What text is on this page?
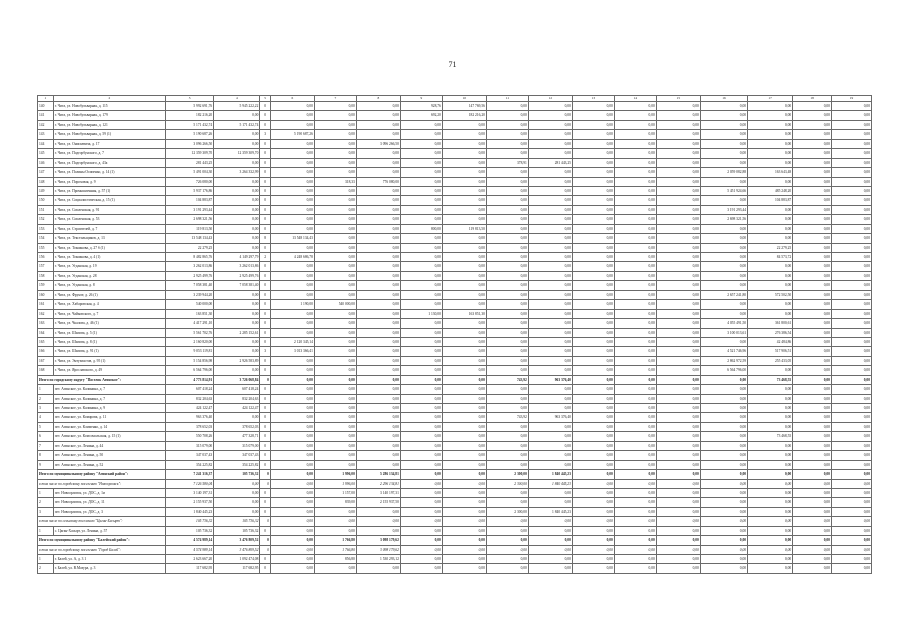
71
1	2	3	4	5	6	7	8	9	10	11	12	13	14	15	16	17	18	19
140	г. Чита, ул. Новобульварная, д. 115	5 992 691,76	5 945 222,22	0	0,00	0,00	0,00	928,76	147 769,56	0,00	0,00	0,00	0,00	0,00	0,00	0,00	0,00	0,00
141	г. Чита, ул. Новобульварная, д. 179	182 216,20	0,00	0	0,00	0,00	0,00	692,20	182 216,20	0,00	0,00	0,00	0,00	0,00	0,00	0,00	0,00	0,00
142	г. Чита, ул. Новобульварная, д. 121	5 171 432,74	5 171 432,74	0	0,00	0,00	0,00	0,00	0,00	0,00	0,00	0,00	0,00	0,00	0,00	0,00	0,00	0,00
143	г. Чита, ул. Новобульварная, д. 59 (1)	5 190 687,26	0,00	3	5 190 687,26	0,00	0,00	0,00	0,00	0,00	0,00	0,00	0,00	0,00	0,00	0,00	0,00	0,00
144	г. Чита, ул. Онискевича, д. 17	3 096 266,50	0,00	0	0,00	0,00	3 096 266,50	0,00	0,00	0,00	0,00	0,00	0,00	0,00	0,00	0,00	0,00	0,00
145	г. Чита, ул. Подгорбунского, д. 7	12 359 309,70	12 359 309,70	0	0,00	0,00	0,00	0,00	0,00	0,00	0,00	0,00	0,00	0,00	0,00	0,00	0,00	0,00
146	г. Чита, ул. Подгорбунского, д. 43а	281 443,25	0,00	0	0,00	0,00	0,00	0,00	0,00	378,91	281 443,25	0,00	0,00	0,00	0,00	0,00	0,00	0,00
147	г. Чита, ул. Полины Осипенко, д. 14 (1)	5 491 004,30	3 264 332,99	0	0,00	0,00	0,00	0,00	0,00	0,00	0,00	0,00	0,00	0,00	2 059 082,88	163 643,48	0,00	0,00
148	г. Чита, ул. Пороховая, д. 9	726 080,00	0,00	0	0,00	318,33	776 080,00	0,00	0,00	0,00	0,00	0,00	0,00	0,00	0,00	0,00	0,00	0,00
149	г. Чита, ул. Промышленная, д. 57 (1)	5 937 176,86	0,00	0	0,00	0,00	0,00	0,00	0,00	0,00	0,00	0,00	0,00	0,00	5 451 924,66	485 248,20	0,00	0,00
150	г. Чита, ул. Социалистическая, д. 15 (1)	104 883,87	0,00	0	0,00	0,00	0,00	0,00	0,00	0,00	0,00	0,00	0,00	0,00	0,00	104 883,87	0,00	0,00
151	г. Чита, ул. Смоленская, д. 91	3 191 293,44	0,00	0	0,00	0,00	0,00	0,00	0,00	0,00	0,00	0,00	0,00	0,00	3 191 293,44	0,00	0,00	0,00
152	г. Чита, ул. Смоленская, д. 53	2 698 321,56	0,00	0	0,00	0,00	0,00	0,00	0,00	0,00	0,00	0,00	0,00	0,00	2 698 321,56	0,00	0,00	0,00
153	г. Чита, ул. Строителей, д. 7	119 813,50	0,00	0	0,00	0,00	0,00	800,00	119 813,50	0,00	0,00	0,00	0,00	0,00	0,00	0,00	0,00	0,00
154	г. Чита, ул. Текстильщиков, д. 13	13 548 134,43	0,00	8	13 548 134,43	0,00	0,00	0,00	0,00	0,00	0,00	0,00	0,00	0,00	0,00	0,00	0,00	0,00
155	г. Чита, ул. Токмакова, д. 27 б (1)	22 279,25	0,00	0	0,00	0,00	0,00	0,00	0,00	0,00	0,00	0,00	0,00	0,00	0,00	22 279,25	0,00	0,00
156	г. Чита, ул. Токмакова, д. 4 (1)	8 482 865,76	4 149 297,79	2	4 248 686,78	0,00	0,00	0,00	0,00	0,00	0,00	0,00	0,00	0,00	0,00	84 573,72	0,00	0,00
157	г. Чита, ул. Угданская, д. 19	3 262 013,86	3 262 013,86	0	0,00	0,00	0,00	0,00	0,00	0,00	0,00	0,00	0,00	0,00	0,00	0,00	0,00	0,00
158	г. Чита, ул. Угданская, д. 28	2 925 499,76	2 925 499,76	0	0,00	0,00	0,00	0,00	0,00	0,00	0,00	0,00	0,00	0,00	0,00	0,00	0,00	0,00
159	г. Чита, ул. Угданская, д. 8	7 058 381,40	7 058 381,40	0	0,00	0,00	0,00	0,00	0,00	0,00	0,00	0,00	0,00	0,00	0,00	0,00	0,00	0,00
160	г. Чита, ул. Фрунзе, д. 26 (1)	3 239 944,20	0,00	0	0,00	0,00	0,00	0,00	0,00	0,00	0,00	0,00	0,00	0,00	2 657 241,80	572 502,50	0,00	0,00
161	г. Чита, ул. Хабаровская, д. 4	540 000,00	0,00	0	1 190,00	540 000,00	0,00	0,00	0,00	0,00	0,00	0,00	0,00	0,00	0,00	0,00	0,00	0,00
162	г. Чита, ул. Чайковского, д. 7	163 851,30	0,00	0	0,00	0,00	0,00	1 130,00	163 851,30	0,00	0,00	0,00	0,00	0,00	0,00	0,00	0,00	0,00
163	г. Чита, ул. Чкалова, д. 46 (1)	4 417 291,10	0,00	0	0,00	0,00	0,00	0,00	0,00	0,00	0,00	0,00	0,00	0,00	4 055 491,50	361 800,61	0,00	0,00
164	г. Чита, ул. Шилова, д. 5 (1)	5 561 702,76	2 285 152,61	0	0,00	0,00	0,00	0,00	0,00	0,00	0,00	0,00	0,00	0,00	3 100 013,61	276 386,54	0,00	0,00
165	г. Чита, ул. Шилова, д. 8 (1)	2 160 820,00	0,00	0	2 120 345,14	0,00	0,00	0,00	0,00	0,00	0,00	0,00	0,00	0,00	0,00	42 484,86	0,00	0,00
166	г. Чита, ул. Шилова, д. 91 (1)	9 053 119,81	0,00	3	3 013 366,41	0,00	0,00	0,00	0,00	0,00	0,00	0,00	0,00	0,00	4 521 746,96	517 906,51	0,00	0,00
167	г. Чита, ул. Энтузиастов, д. 95 (1)	5 154 856,98	2 926 583,89	0	0,00	0,00	0,00	0,00	0,00	0,00	0,00	0,00	0,00	0,00	2 862 972,59	255 433,05	0,00	0,00
168	г. Чита, ул. Ярославского, д. 49	6 564 796,00	0,00	0	0,00	0,00	0,00	0,00	0,00	0,00	0,00	0,00	0,00	0,00	6 564 796,00	0,00	0,00	0,00
Итого по городскому округу "Поселок Агинское":		4 773 814,91	3 726 068,84	0	0,00	0,00	0,00	0,00	0,00	743,92	963 376,40	0,00	0,00	0,00	0,00	73 468,55	0,00	0,00
1	пгт. Агинское, ул. Калинина, д. 7	607 418,24	607 418,24	0	0,00	0,00	0,00	0,00	0,00	0,00	0,00	0,00	0,00	0,00	0,00	0,00	0,00	0,00
2	пгт. Агинское, ул. Калинина, д. 7	832 204,63	832 204,63	0	0,00	0,00	0,00	0,00	0,00	0,00	0,00	0,00	0,00	0,00	0,00	0,00	0,00	0,00
3	пгт. Агинское, ул. Калинина, д. 9	424 122,47	424 122,47	0	0,00	0,00	0,00	0,00	0,00	0,00	0,00	0,00	0,00	0,00	0,00	0,00	0,00	0,00
4	пгт. Агинское, ул. Комарова, д. 11	963 376,40	0,00	0	0,00	0,00	0,00	0,00	0,00	743,92	963 376,40	0,00	0,00	0,00	0,00	0,00	0,00	0,00
5	пгт. Агинское, ул. Клименко, д. 14	378 652,03	378 652,03	0	0,00	0,00	0,00	0,00	0,00	0,00	0,00	0,00	0,00	0,00	0,00	0,00	0,00	0,00
6	пгт. Агинское, ул. Комсомольская, д. 15 (1)	550 708,26	477 328,71	0	0,00	0,00	0,00	0,00	0,00	0,00	0,00	0,00	0,00	0,00	0,00	73 468,55	0,00	0,00
7	пгт. Агинское, ул. Ленина, д. 44	315 079,00	315 079,00	0	0,00	0,00	0,00	0,00	0,00	0,00	0,00	0,00	0,00	0,00	0,00	0,00	0,00	0,00
8	пгт. Агинское, ул. Ленина, д. 50	347 037,43	347 037,43	0	0,00	0,00	0,00	0,00	0,00	0,00	0,00	0,00	0,00	0,00	0,00	0,00	0,00	0,00
9	пгт. Агинское, ул. Ленина, д. 52	354 225,82	354 225,82	0	0,00	0,00	0,00	0,00	0,00	0,00	0,00	0,00	0,00	0,00	0,00	0,00	0,00	0,00
Итого по муниципальному району "Агинский район":		7 241 316,37	105 736,32	0	0,00	1 996,00	5 286 134,81	0,00	0,00	2 300,00	1 840 445,23	0,00	0,00	0,00	0,00	0,00	0,00	0,00
в том числе по городскому поселению "Новоорловск":		7 126 580,04	0,00	0	0,00	1 996,00	2 296 134,81	0,00	0,00	2 300,00	1 840 445,23	0,00	0,00	0,00	0,00	0,00	0,00	0,00
1	пгт. Новоорловск, ул. ДОС, д. 1и	3 140 197,31	0,00	0	0,00	1 157,00	3 140 197,31	0,00	0,00	0,00	0,00	0,00	0,00	0,00	0,00	0,00	0,00	0,00
2	пгт. Новоорловск, ул. ДОС, д. 11	2 155 937,50	0,00	0	0,00	839,00	2 155 937,50	0,00	0,00	0,00	0,00	0,00	0,00	0,00	0,00	0,00	0,00	0,00
3	пгт. Новоорловск, ул. ДОС, д. 3	1 840 445,23	0,00	0	0,00	0,00	0,00	0,00	0,00	2 300,00	1 840 445,23	0,00	0,00	0,00	0,00	0,00	0,00	0,00
в том числе по сельскому поселению "Цаган-Хасырт":		105 736,32	105 736,32	0	0,00	0,00	0,00	0,00	0,00	0,00	0,00	0,00	0,00	0,00	0,00	0,00	0,00	0,00
1	с. Цаган-Хасырт, ул. Ленина, д. 57	105 736,32	105 736,32	0	0,00	0,00	0,00	0,00	0,00	0,00	0,00	0,00	0,00	0,00	0,00	0,00	0,00	0,00
Итого по муниципальному району "Балейский район":		4 574 989,14	3 476 809,52	0	0,00	1 766,80	3 098 179,62	0,00	0,00	0,00	0,00	0,00	0,00	0,00	0,00	0,00	0,00	0,00
в том числе по городскому поселению "Город Балей":		4 574 989,14	3 476 809,52	0	0,00	1 766,80	3 098 179,62	0,00	0,00	0,00	0,00	0,00	0,00	0,00	0,00	0,00	0,00	0,00
1	г. Балей, ул. А, д. 3 1	2 623 667,20	1 092 474,08	0	0,00	856,80	1 530 293,12	0,00	0,00	0,00	0,00	0,00	0,00	0,00	0,00	0,00	0,00	0,00
2	г. Балей, ул. В.Мазура, д. 3	117 682,95	117 682,95	0	0,00	0,00	0,00	0,00	0,00	0,00	0,00	0,00	0,00	0,00	0,00	0,00	0,00	0,00
